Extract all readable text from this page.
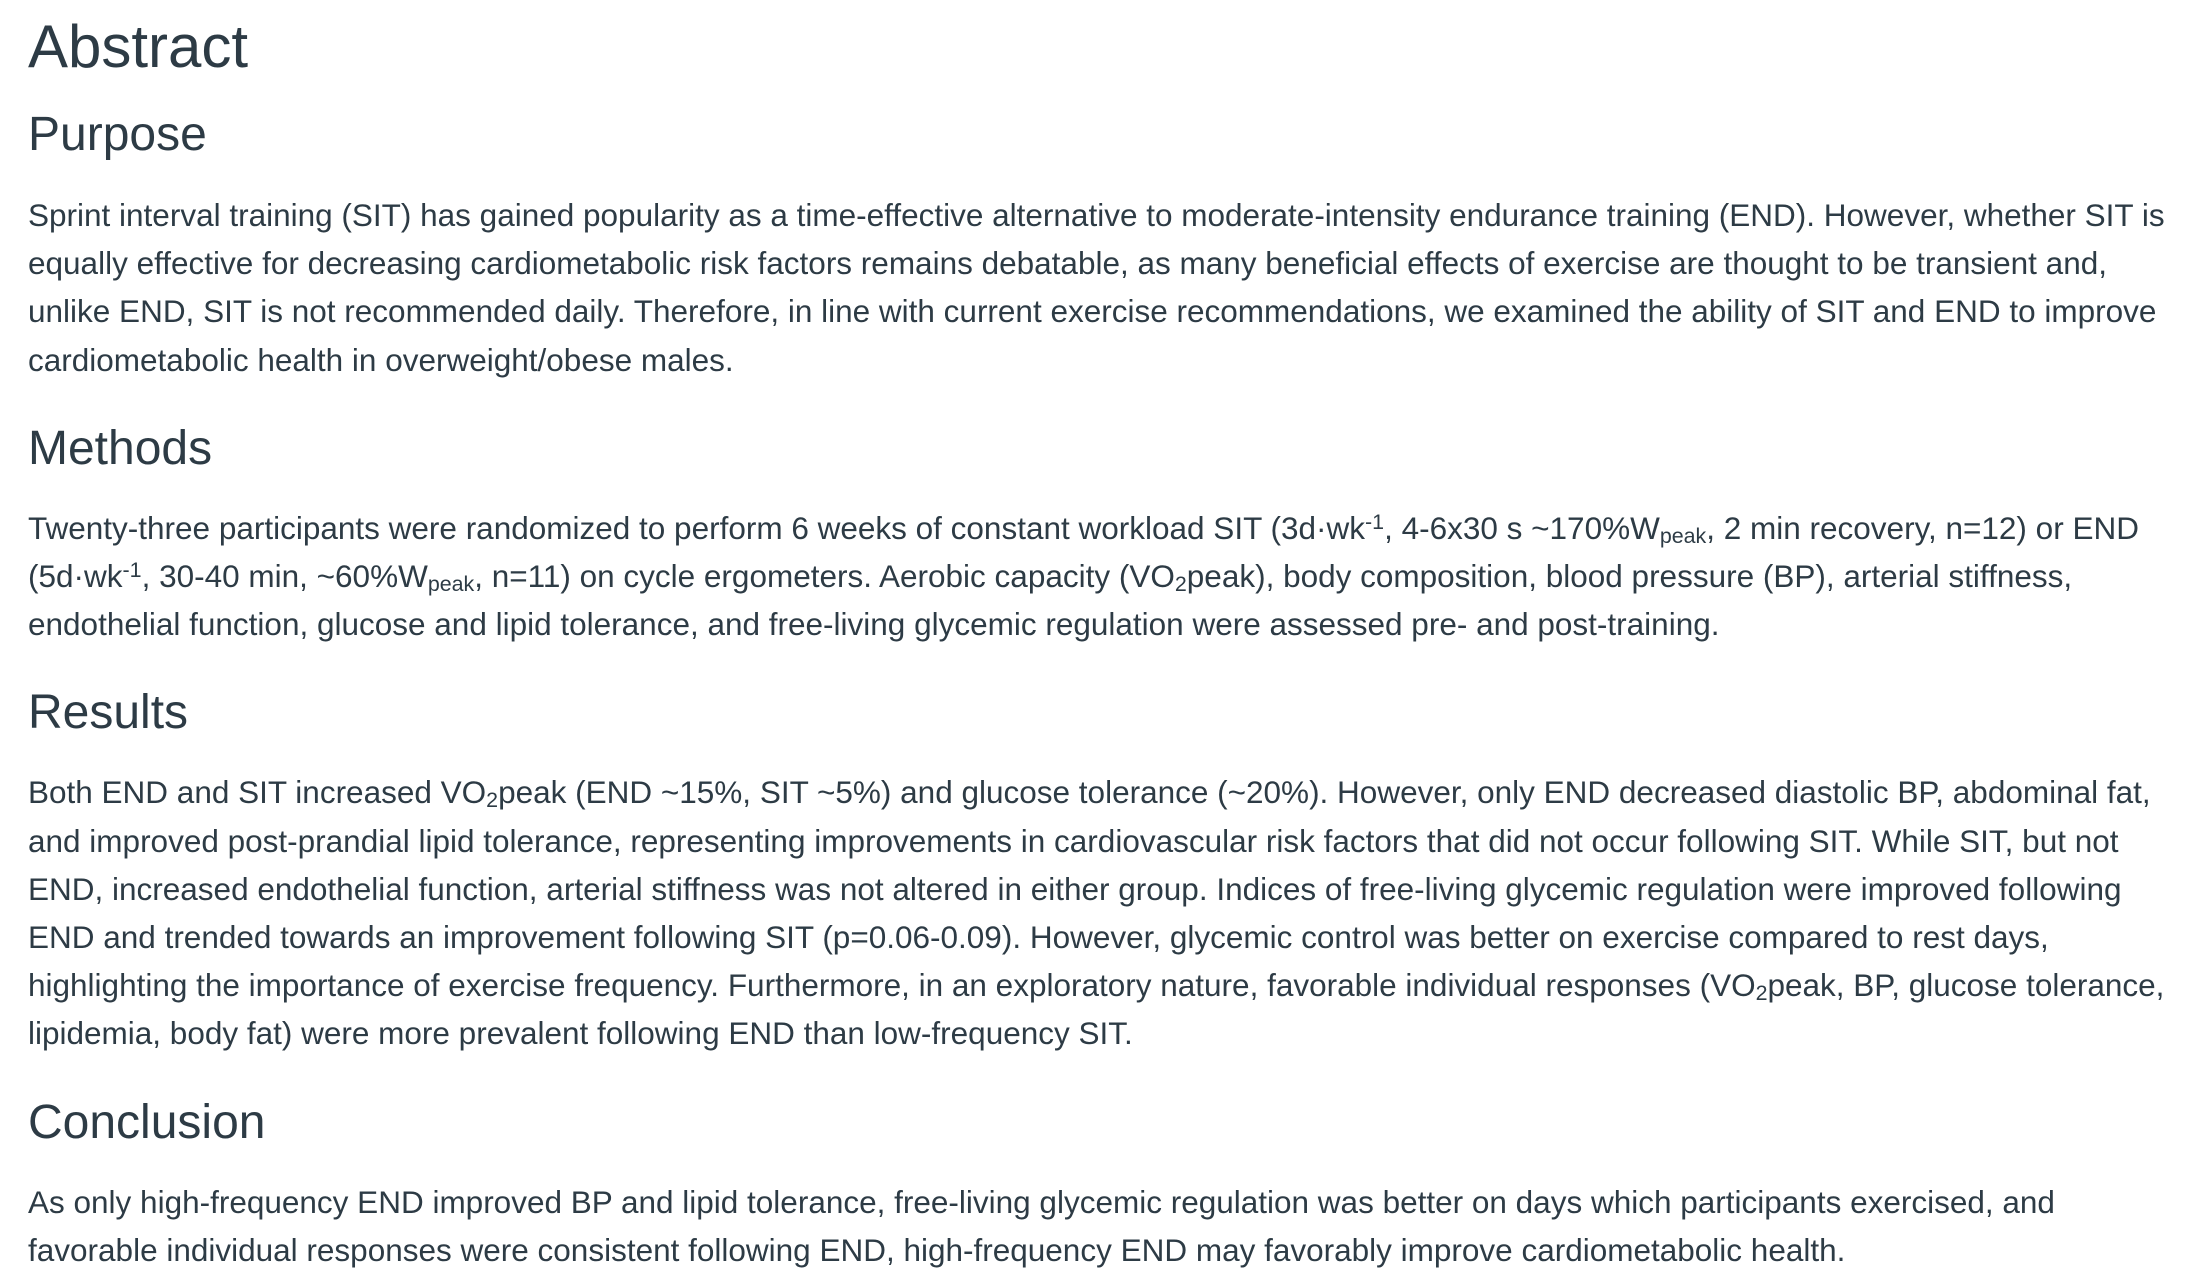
Abstract
Purpose

Sprint interval training (SIT) has gained popularity as a time-effective alternative to moderate-intensity endurance training (END). However, whether SIT is equally effective for decreasing cardiometabolic risk factors remains debatable, as many beneficial effects of exercise are thought to be transient and, unlike END, SIT is not recommended daily. Therefore, in line with current exercise recommendations, we examined the ability of SIT and END to improve cardiometabolic health in overweight/obese males.

Methods

Twenty-three participants were randomized to perform 6 weeks of constant workload SIT ($3d\cdot wk^{-1}$, 4-6x30 s $\sim 170\%W_{peak}$, 2 min recovery, n=12) or END ($5d\cdot wk^{-1}$, 30-40 min, $\sim 60\%W_{peak}$, n=11) on cycle ergometers. Aerobic capacity $(VO_2peak)$, body composition, blood pressure (BP), arterial stiffness, endothelial function, glucose and lipid tolerance, and free-living glycemic regulation were assessed pre- and post-training.

Results

Both END and SIT increased $VO_2peak$ (END ~15%, SIT ~5%) and glucose tolerance (~20%). However, only END decreased diastolic BP, abdominal fat, and improved post-prandial lipid tolerance, representing improvements in cardiovascular risk factors that did not occur following SIT. While SIT, but not END, increased endothelial function, arterial stiffness was not altered in either group. Indices of free-living glycemic regulation were improved following END and trended towards an improvement following SIT (p=0.06-0.09). However, glycemic control was better on exercise compared to rest days, highlighting the importance of exercise frequency. Furthermore, in an exploratory nature, favorable individual responses ($VO_2peak$, BP, glucose tolerance, lipidemia, body fat) were more prevalent following END than low-frequency SIT.

Conclusion

As only high-frequency END improved BP and lipid tolerance, free-living glycemic regulation was better on days which participants exercised, and favorable individual responses were consistent following END, high-frequency END may favorably improve cardiometabolic health.
